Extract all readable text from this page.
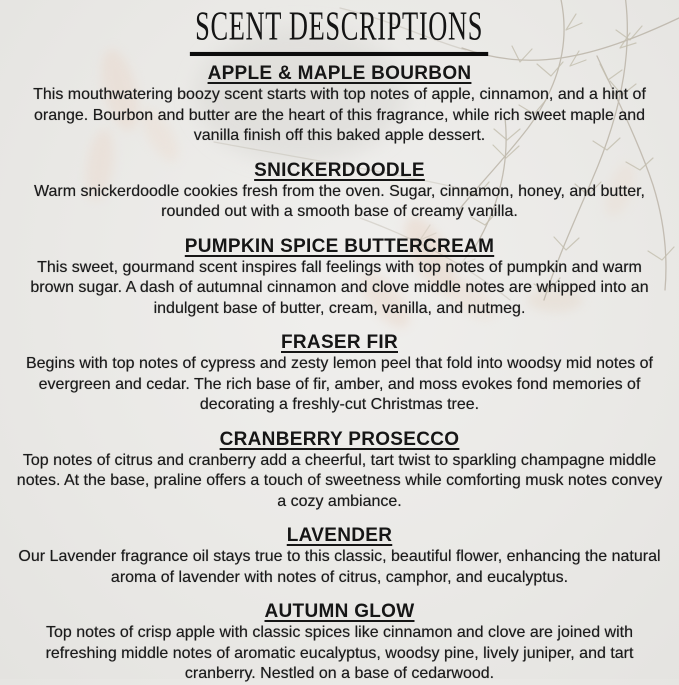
SCENT DESCRIPTIONS
APPLE & MAPLE BOURBON

This mouthwatering boozy scent starts with top notes of apple, cinnamon, and a hint of orange. Bourbon and butter are the heart of this fragrance, while rich sweet maple and vanilla finish off this baked apple dessert.

SNICKERDOODLE

Warm snickerdoodle cookies fresh from the oven. Sugar, cinnamon, honey, and butter, rounded out with a smooth base of creamy vanilla.

PUMPKIN SPICE BUTTERCREAM

This sweet, gourmand scent inspires fall feelings with top notes of pumpkin and warm brown sugar. A dash of autumnal cinnamon and clove middle notes are whipped into an indulgent base of butter, cream, vanilla, and nutmeg.

FRASER FIR

Begins with top notes of cypress and zesty lemon peel that fold into woodsy mid notes of evergreen and cedar. The rich base of fir, amber, and moss evokes fond memories of decorating a freshly-cut Christmas tree.

CRANBERRY PROSECCO

Top notes of citrus and cranberry add a cheerful, tart twist to sparkling champagne middle notes. At the base, praline offers a touch of sweetness while comforting musk notes convey a cozy ambiance.

LAVENDER

Our Lavender fragrance oil stays true to this classic, beautiful flower, enhancing the natural aroma of lavender with notes of citrus, camphor, and eucalyptus.

AUTUMN GLOW

Top notes of crisp apple with classic spices like cinnamon and clove are joined with refreshing middle notes of aromatic eucalyptus, woodsy pine, lively juniper, and tart cranberry. Nestled on a base of cedarwood.
